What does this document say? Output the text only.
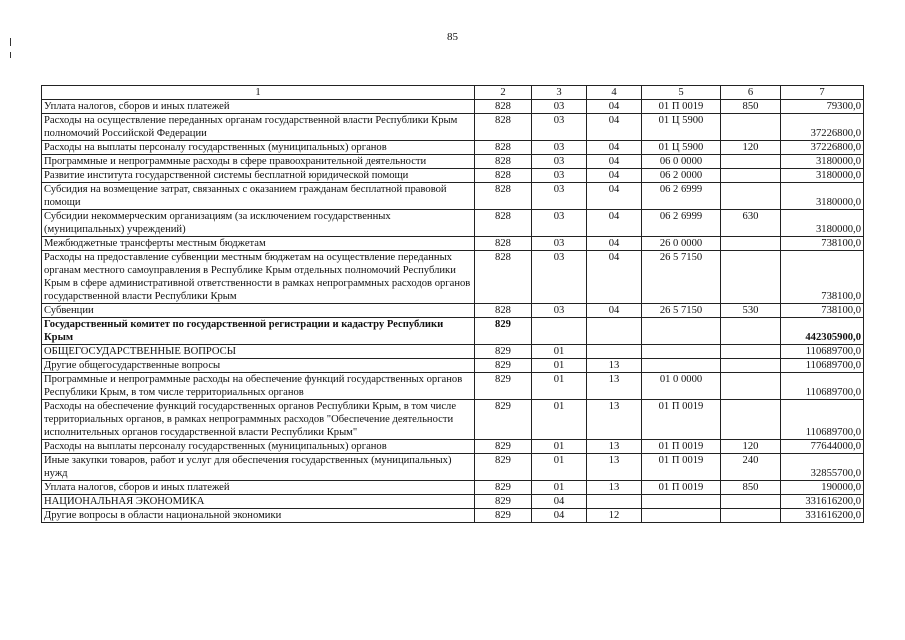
85
1	2	3	4	5	6	7
Уплата налогов, сборов и иных платежей	828	03	04	01 П 0019	850	79300,0
Расходы на осуществление переданных органам государственной власти Республики Крым полномочий Российской Федерации	828	03	04	01 Ц 5900		37226800,0
Расходы на выплаты персоналу государственных (муниципальных) органов	828	03	04	01 Ц 5900	120	37226800,0
Программные и непрограммные расходы в сфере правоохранительной деятельности	828	03	04	06 0 0000		3180000,0
Развитие института государственной системы бесплатной юридической помощи	828	03	04	06 2 0000		3180000,0
Субсидия на возмещение затрат, связанных с оказанием гражданам бесплатной правовой помощи	828	03	04	06 2 6999		3180000,0
Субсидии некоммерческим организациям (за исключением государственных (муниципальных) учреждений)	828	03	04	06 2 6999	630	3180000,0
Межбюджетные трансферты местным бюджетам	828	03	04	26 0 0000		738100,0
Расходы на предоставление субвенции местным бюджетам на осуществление переданных органам местного самоуправления в Республике Крым отдельных полномочий Республики Крым в сфере административной ответственности в рамках непрограммных расходов органов государственной власти Республики Крым	828	03	04	26 5 7150		738100,0
Субвенции	828	03	04	26 5 7150	530	738100,0
Государственный комитет по государственной регистрации и кадастру Республики Крым	829					442305900,0
ОБЩЕГОСУДАРСТВЕННЫЕ ВОПРОСЫ	829	01				110689700,0
Другие общегосударственные вопросы	829	01	13			110689700,0
Программные и непрограммные расходы на обеспечение функций государственных органов Республики Крым, в том числе территориальных органов	829	01	13	01 0 0000		110689700,0
Расходы на обеспечение функций государственных органов Республики Крым, в том числе территориальных органов, в рамках непрограммных расходов "Обеспечение деятельности исполнительных органов государственной власти Республики Крым"	829	01	13	01 П 0019		110689700,0
Расходы на выплаты персоналу государственных (муниципальных) органов	829	01	13	01 П 0019	120	77644000,0
Иные закупки товаров, работ и услуг для обеспечения государственных (муниципальных) нужд	829	01	13	01 П 0019	240	32855700,0
Уплата налогов, сборов и иных платежей	829	01	13	01 П 0019	850	190000,0
НАЦИОНАЛЬНАЯ ЭКОНОМИКА	829	04				331616200,0
Другие вопросы в области национальной экономики	829	04	12			331616200,0
